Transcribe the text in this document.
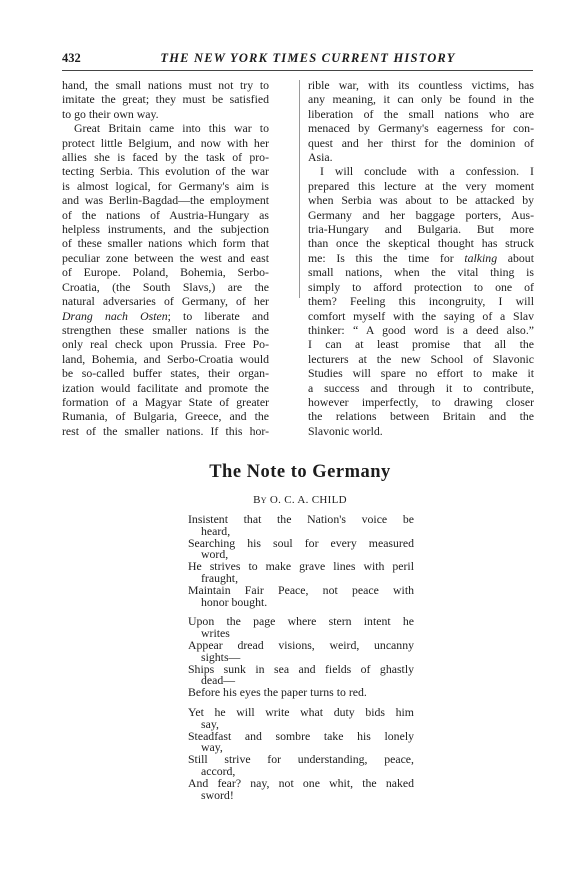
432	THE NEW YORK TIMES CURRENT HISTORY

hand, the small nations must not try to

imitate the great; they must be satisfied

to go their own way.

Great Britain came into this war to

protect little Belgium, and now with her

allies she is faced by the task of pro-

tecting Serbia. This evolution of the war

is almost logical, for Germany's aim is

and was Berlin-Bagdad—the employment

of the nations of Austria-Hungary as

helpless instruments, and the subjection

of these smaller nations which form that

peculiar zone between the west and east

of Europe. Poland, Bohemia, Serbo-

Croatia, (the South Slavs,) are the

natural adversaries of Germany, of her

Drang nach Osten; to liberate and

strengthen these smaller nations is the

only real check upon Prussia. Free Po-

land, Bohemia, and Serbo-Croatia would

be so-called buffer states, their organ-

ization would facilitate and promote the

formation of a Magyar State of greater

Rumania, of Bulgaria, Greece, and the

rest of the smaller nations. If this hor-

rible war, with its countless victims, has

any meaning, it can only be found in the

liberation of the small nations who are

menaced by Germany's eagerness for con-

quest and her thirst for the dominion of

Asia.

I will conclude with a confession. I

prepared this lecture at the very moment

when Serbia was about to be attacked by

Germany and her baggage porters, Aus-

tria-Hungary and Bulgaria. But more

than once the skeptical thought has struck

me: Is this the time for talking about

small nations, when the vital thing is

simply to afford protection to one of

them? Feeling this incongruity, I will

comfort myself with the saying of a Slav

thinker: “ A good word is a deed also.”

I can at least promise that all the

lecturers at the new School of Slavonic

Studies will spare no effort to make it

a success and through it to contribute,

however imperfectly, to drawing closer

the relations between Britain and the

Slavonic world.

The Note to Germany
By O. C. A. CHILD
Insistent that the Nation's voice be
heard,
Searching his soul for every measured
word,
He strives to make grave lines with peril
fraught,
Maintain Fair Peace, not peace with
honor bought.
Upon the page where stern intent he
writes
Appear dread visions, weird, uncanny
sights—
Ships sunk in sea and fields of ghastly
dead—
Before his eyes the paper turns to red.
Yet he will write what duty bids him
say,
Steadfast and sombre take his lonely
way,
Still strive for understanding, peace,
accord,
And fear? nay, not one whit, the naked
sword!
